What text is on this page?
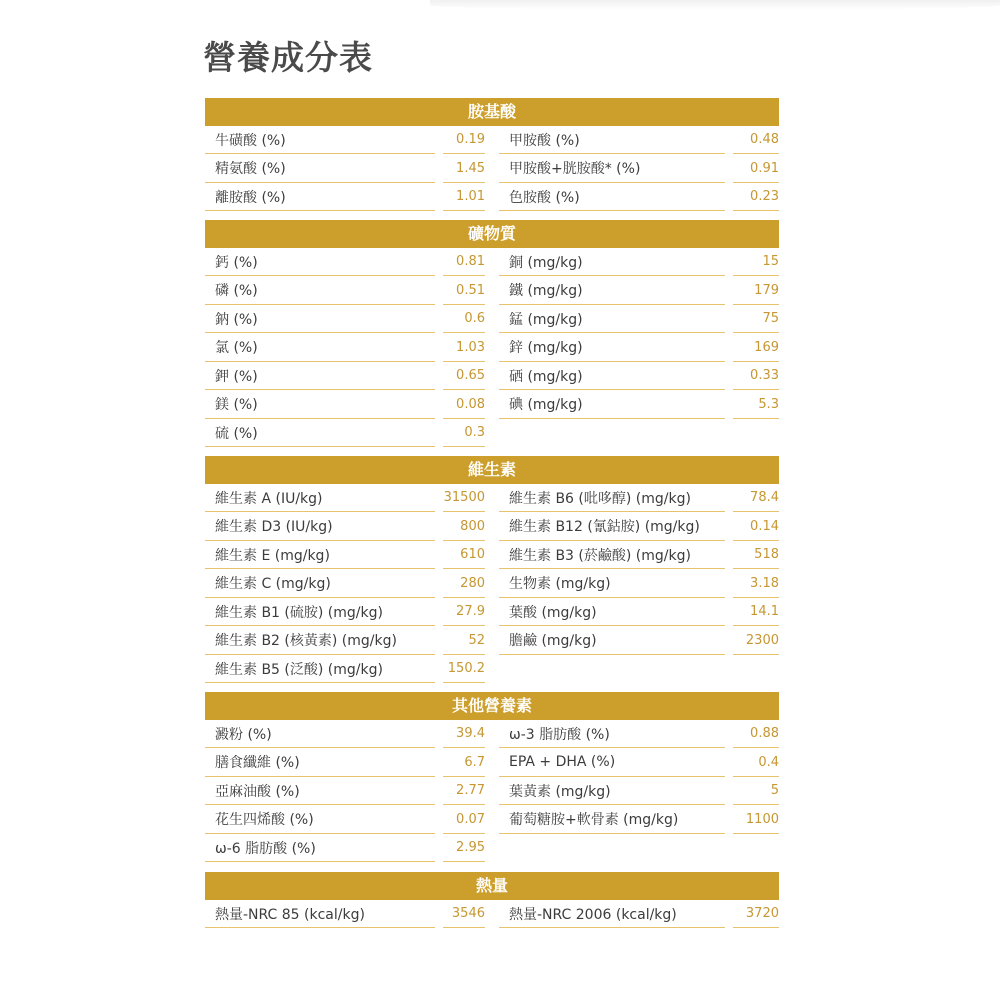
營養成分表
胺基酸
牛磺酸 (%)	0.19 甲胺酸 (%)	0.48
精氨酸 (%)	1.45 甲胺酸+胱胺酸* (%)	0.91
離胺酸 (%)	1.01 色胺酸 (%)	0.23
礦物質
鈣 (%)	0.81 銅 (mg/kg)	15
磷 (%)	0.51 鐵 (mg/kg)	179
鈉 (%)	0.6 錳 (mg/kg)	75
氯 (%)	1.03 鋅 (mg/kg)	169
鉀 (%)	0.65 硒 (mg/kg)	0.33
鎂 (%)	0.08 碘 (mg/kg)	5.3
硫 (%)	0.3
維生素
維生素 A (IU/kg)	31500 維生素 B6 (吡哆醇) (mg/kg)	78.4
維生素 D3 (IU/kg)	800 維生素 B12 (氰鈷胺) (mg/kg)	0.14
維生素 E (mg/kg)	610 維生素 B3 (菸鹼酸) (mg/kg)	518
維生素 C (mg/kg)	280 生物素 (mg/kg)	3.18
維生素 B1 (硫胺) (mg/kg)	27.9 葉酸 (mg/kg)	14.1
維生素 B2 (核黃素) (mg/kg)	52 膽鹼 (mg/kg)	2300
維生素 B5 (泛酸) (mg/kg)	150.2
其他營養素
澱粉 (%)	39.4 ω-3 脂肪酸 (%)	0.88
膳食纖維 (%)	6.7 EPA + DHA (%)	0.4
亞麻油酸 (%)	2.77 葉黃素 (mg/kg)	5
花生四烯酸 (%)	0.07 葡萄糖胺+軟骨素 (mg/kg)	1100
ω-6 脂肪酸 (%)	2.95
熱量
熱量-NRC 85 (kcal/kg)	3546 熱量-NRC 2006 (kcal/kg)	3720
